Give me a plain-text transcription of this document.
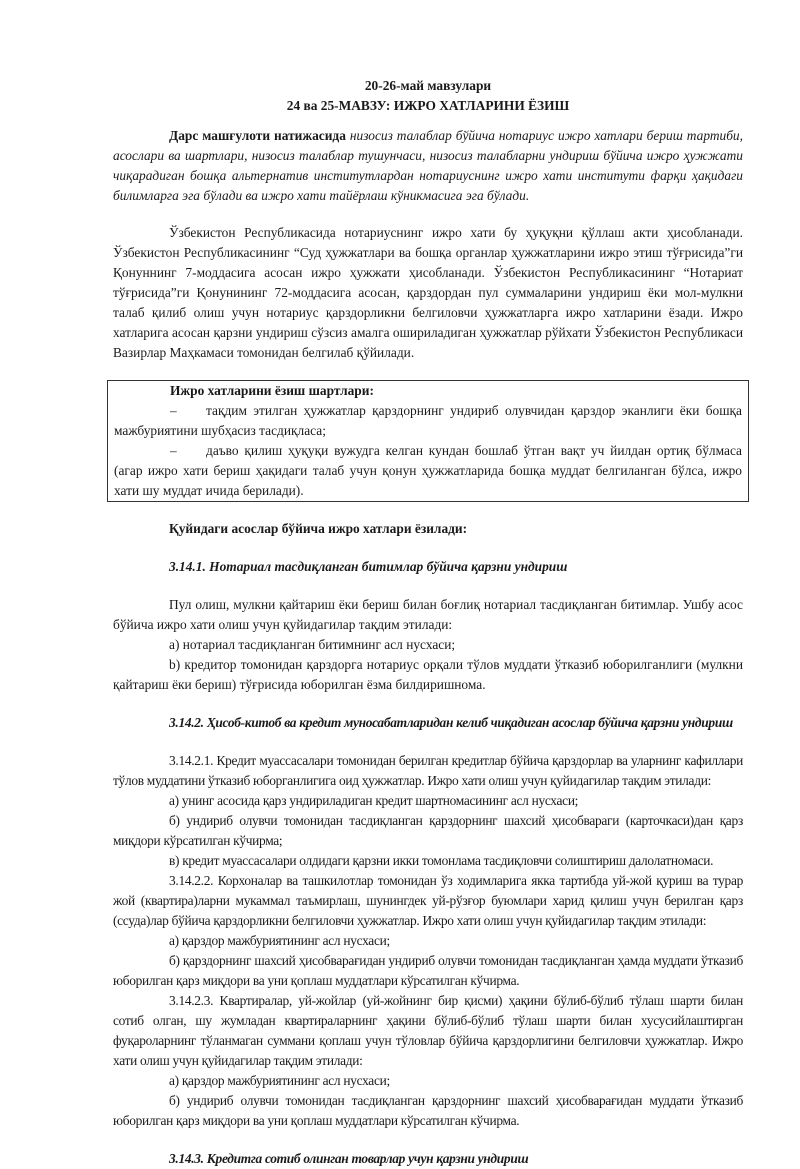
20-26-май мавзулари

24 ва 25-МАВЗУ: ИЖРО ХАТЛАРИНИ ЁЗИШ

Дарс машғулоти натижасида низосиз талаблар бўйича нотариус ижро хатлари бериш тартиби, асослари ва шартлари, низосиз талаблар тушунчаси, низосиз талабларни ундириш бўйича ижро ҳужжати чиқарадиган бошқа альтернатив институтлардан нотариуснинг ижро хати институти фарқи ҳақидаги билимларга эга бўлади ва ижро хати тайёрлаш кўникмасига эга бўлади.

Ўзбекистон Республикасида нотариуснинг ижро хати бу ҳуқуқни қўллаш акти ҳисобланади. Ўзбекистон Республикасининг “Суд ҳужжатлари ва бошқа органлар ҳужжатларини ижро этиш тўғрисида”ги Қонуннинг 7-моддасига асосан ижро ҳужжати ҳисобланади. Ўзбекистон Республикасининг “Нотариат тўғрисида”ги Қонунининг 72-моддасига асосан, қарздордан пул суммаларини ундириш ёки мол-мулкни талаб қилиб олиш учун нотариус қарздорликни белгиловчи ҳужжатларга ижро хатларини ёзади. Ижро хатларига асосан қарзни ундириш сўзсиз амалга ошириладиган ҳужжатлар рўйхати Ўзбекистон Республикаси Вазирлар Маҳкамаси томонидан белгилаб қўйилади.

Ижро хатларини ёзиш шартлари:

– тақдим этилган ҳужжатлар қарздорнинг ундириб олувчидан қарздор эканлиги ёки бошқа мажбуриятини шубҳасиз тасдиқласа;

– даъво қилиш ҳуқуқи вужудга келган кундан бошлаб ўтган вақт уч йилдан ортиқ бўлмаса (агар ижро хати бериш ҳақидаги талаб учун қонун ҳужжатларида бошқа муддат белгиланган бўлса, ижро хати шу муддат ичида берилади).

Қуйидаги асослар бўйича ижро хатлари ёзилади:

3.14.1. Нотариал тасдиқланган битимлар бўйича қарзни ундириш

Пул олиш, мулкни қайтариш ёки бериш билан боғлиқ нотариал тасдиқланган битимлар. Ушбу асос бўйича ижро хати олиш учун қуйидагилар тақдим этилади:

а) нотариал тасдиқланган битимнинг асл нусхаси;

b) кредитор томонидан қарздорга нотариус орқали тўлов муддати ўтказиб юборилганлиги (мулкни қайтариш ёки бериш) тўғрисида юборилган ёзма билдиришнома.

3.14.2. Ҳисоб-китоб ва кредит муносабатларидан келиб чиқадиган асослар бўйича қарзни ундириш

3.14.2.1. Кредит муассасалари томонидан берилган кредитлар бўйича қарздорлар ва уларнинг кафиллари тўлов муддатини ўтказиб юборганлигига оид ҳужжатлар. Ижро хати олиш учун қуйидагилар тақдим этилади:

а) унинг асосида қарз ундириладиган кредит шартномасининг асл нусхаси;

б) ундириб олувчи томонидан тасдиқланган қарздорнинг шахсий ҳисобвараги (карточкаси)дан қарз миқдори кўрсатилган кўчирма;

в) кредит муассасалари олдидаги қарзни икки томонлама тасдиқловчи солиштириш далолатномаси.

3.14.2.2. Корхоналар ва ташкилотлар томонидан ўз ходимларига якка тартибда уй-жой қуриш ва турар жой (квартира)ларни мукаммал таъмирлаш, шунингдек уй-рўзғор буюмлари харид қилиш учун берилган қарз (ссуда)лар бўйича қарздорликни белгиловчи ҳужжатлар. Ижро хати олиш учун қуйидагилар тақдим этилади:

а) қарздор мажбуриятининг асл нусхаси;

б) қарздорнинг шахсий ҳисобварағидан ундириб олувчи томонидан тасдиқланган ҳамда муддати ўтказиб юборилган қарз миқдори ва уни қоплаш муддатлари кўрсатилган кўчирма.

3.14.2.3. Квартиралар, уй-жойлар (уй-жойнинг бир қисми) ҳақини бўлиб-бўлиб тўлаш шарти билан сотиб олган, шу жумладан квартираларнинг ҳақини бўлиб-бўлиб тўлаш шарти билан хусусийлаштирган фуқароларнинг тўланмаган суммани қоплаш учун тўловлар бўйича қарздорлигини белгиловчи ҳужжатлар. Ижро хати олиш учун қуйидагилар тақдим этилади:

а) қарздор мажбуриятининг асл нусхаси;

б) ундириб олувчи томонидан тасдиқланган қарздорнинг шахсий ҳисобварағидан муддати ўтказиб юборилган қарз миқдори ва уни қоплаш муддатлари кўрсатилган кўчирма.

3.14.3. Кредитга сотиб олинган товарлар учун қарзни ундириш
